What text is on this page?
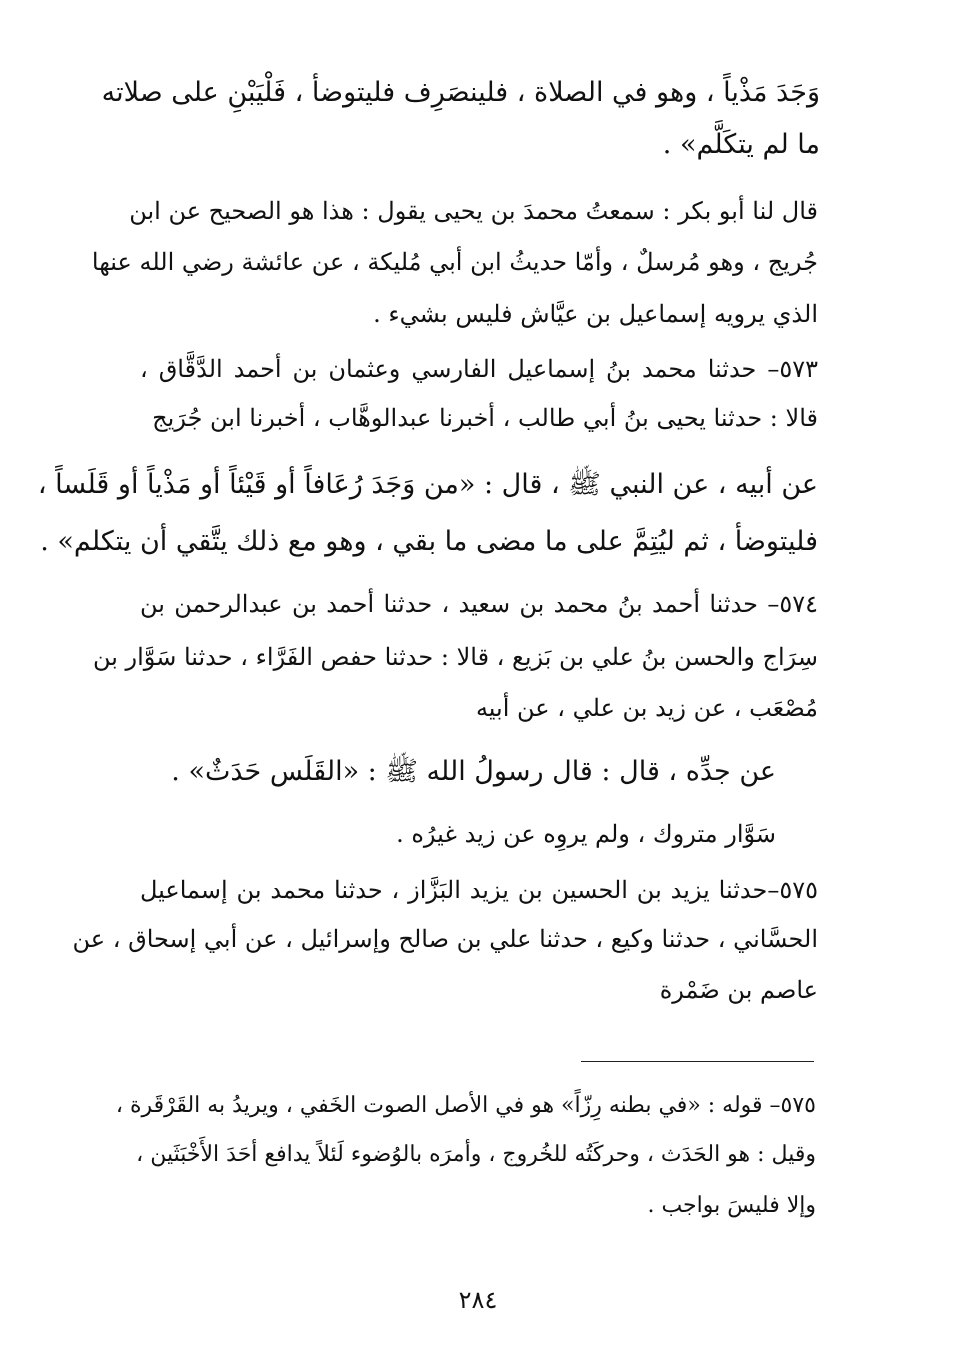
وَجَدَ مَذْياً ، وهو في الصلاة ، فلينصَرِف فليتوضأ ، فَلْيَبْنِ على صلاته
ما لم يتكَلَّم» .
قال لنا أبو بكر : سمعتُ محمدَ بن يحيى يقول : هذا هو الصحيح عن ابن
جُريج ، وهو مُرسلٌ ، وأمّا حديثُ ابن أبي مُليكة ، عن عائشة رضي الله عنها
الذي يرويه إسماعيل بن عيَّاش فليس بشيء .
٥٧٣– حدثنا محمد بنُ إسماعيل الفارسي وعثمان بن أحمد الدَّقَّاق ،
قالا : حدثنا يحيى بنُ أبي طالب ، أخبرنا عبدالوهَّاب ، أخبرنا ابن جُرَيج
عن أبيه ، عن النبي ﷺ ، قال : «من وَجَدَ رُعَافاً أو قَيْئاً أو مَذْياً أو قَلَساً ،
فليتوضأ ، ثم ليُتِمَّ على ما مضى ما بقي ، وهو مع ذلك يتَّقي أن يتكلم» .
٥٧٤– حدثنا أحمد بنُ محمد بن سعيد ، حدثنا أحمد بن عبدالرحمن بن
سِرَاج والحسن بنُ علي بن بَزيع ، قالا : حدثنا حفص الفَرَّاء ، حدثنا سَوَّار بن
مُصْعَب ، عن زيد بن علي ، عن أبيه
عن جدِّه ، قال : قال رسولُ الله ﷺ : «القَلَس حَدَثٌ» .
سَوَّار متروك ، ولم يروِه عن زيد غيرُه .
٥٧٥–حدثنا يزيد بن الحسين بن يزيد البَزَّاز ، حدثنا محمد بن إسماعيل
الحسَّاني ، حدثنا وكيع ، حدثنا علي بن صالح وإسرائيل ، عن أبي إسحاق ، عن
عاصم بن ضَمْرة
٥٧٥– قوله : «في بطنه رِزّاً» هو في الأصل الصوت الخَفي ، ويريدُ به القَرْقَرة ،
وقيل : هو الحَدَث ، وحركَتُه للخُروج ، وأمرَه بالوُضوء لَئلاً يدافع أحَدَ الأَخْبَثَين ،
وإلا فليسَ بواجب .
٢٨٤
